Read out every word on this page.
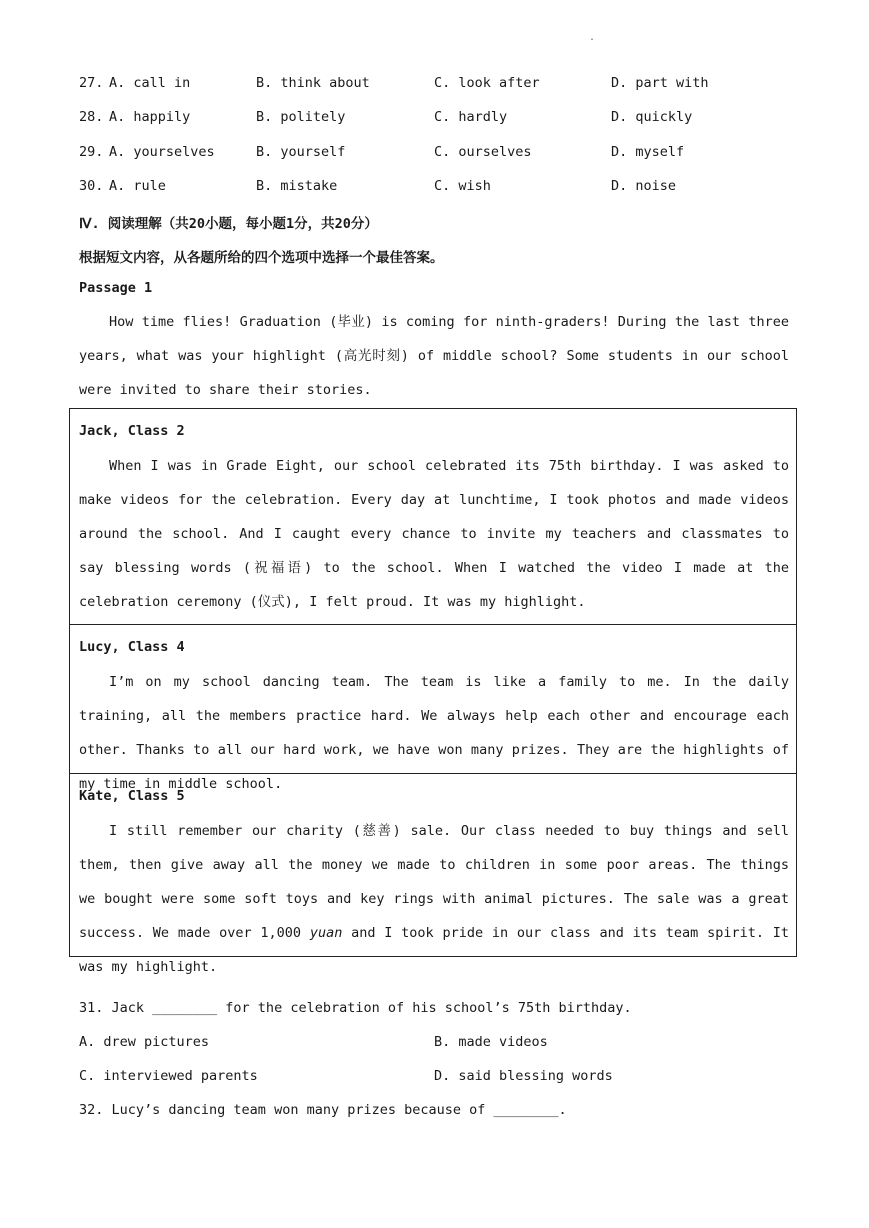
.
27. A. call in	B. think about	C. look after	D. part with
28. A. happily	B. politely	C. hardly	D. quickly
29. A. yourselves	B. yourself	C. ourselves	D. myself
30. A. rule	B. mistake	C. wish	D. noise
Ⅳ. 阅读理解（共20小题，每小题1分，共20分）
根据短文内容，从各题所给的四个选项中选择一个最佳答案。
Passage 1

How time flies! Graduation (毕业) is coming for ninth-graders! During the last three years, what was your highlight (高光时刻) of middle school? Some students in our school were invited to share their stories.

Jack, Class 2

When I was in Grade Eight, our school celebrated its 75th birthday. I was asked to make videos for the celebration. Every day at lunchtime, I took photos and made videos around the school. And I caught every chance to invite my teachers and classmates to say blessing words (祝福语) to the school. When I watched the video I made at the celebration ceremony (仪式), I felt proud. It was my highlight.

Lucy, Class 4

I’m on my school dancing team. The team is like a family to me. In the daily training, all the members practice hard. We always help each other and encourage each other. Thanks to all our hard work, we have won many prizes. They are the highlights of my time in middle school.

Kate, Class 5

I still remember our charity (慈善) sale. Our class needed to buy things and sell them, then give away all the money we made to children in some poor areas. The things we bought were some soft toys and key rings with animal pictures. The sale was a great success. We made over 1,000 yuan and I took pride in our class and its team spirit. It was my highlight.

31. Jack ________ for the celebration of his school’s 75th birthday.
A. drew pictures	B. made videos
C. interviewed parents	D. said blessing words
32. Lucy’s dancing team won many prizes because of ________.
